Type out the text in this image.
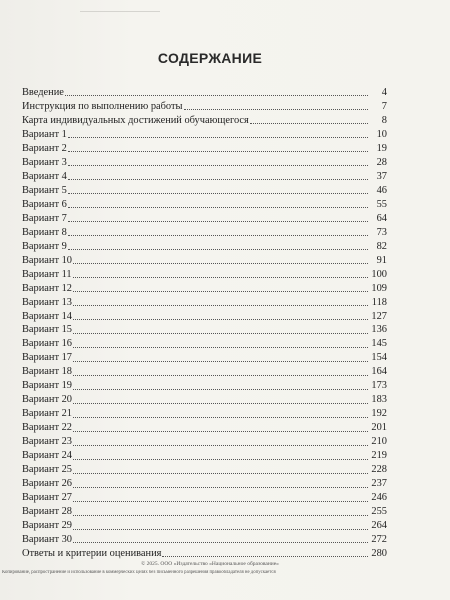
СОДЕРЖАНИЕ
Введение	4
Инструкция по выполнению работы	7
Карта индивидуальных достижений обучающегося	8
Вариант 1	10
Вариант 2	19
Вариант 3	28
Вариант 4	37
Вариант 5	46
Вариант 6	55
Вариант 7	64
Вариант 8	73
Вариант 9	82
Вариант 10	91
Вариант 11	100
Вариант 12	109
Вариант 13	118
Вариант 14	127
Вариант 15	136
Вариант 16	145
Вариант 17	154
Вариант 18	164
Вариант 19	173
Вариант 20	183
Вариант 21	192
Вариант 22	201
Вариант 23	210
Вариант 24	219
Вариант 25	228
Вариант 26	237
Вариант 27	246
Вариант 28	255
Вариант 29	264
Вариант 30	272
Ответы и критерии оценивания	280
© 2025. ООО «Издательство «Национальное образование»
Копирование, распространение и использование в коммерческих целях без письменного разрешения правообладателя не допускается
